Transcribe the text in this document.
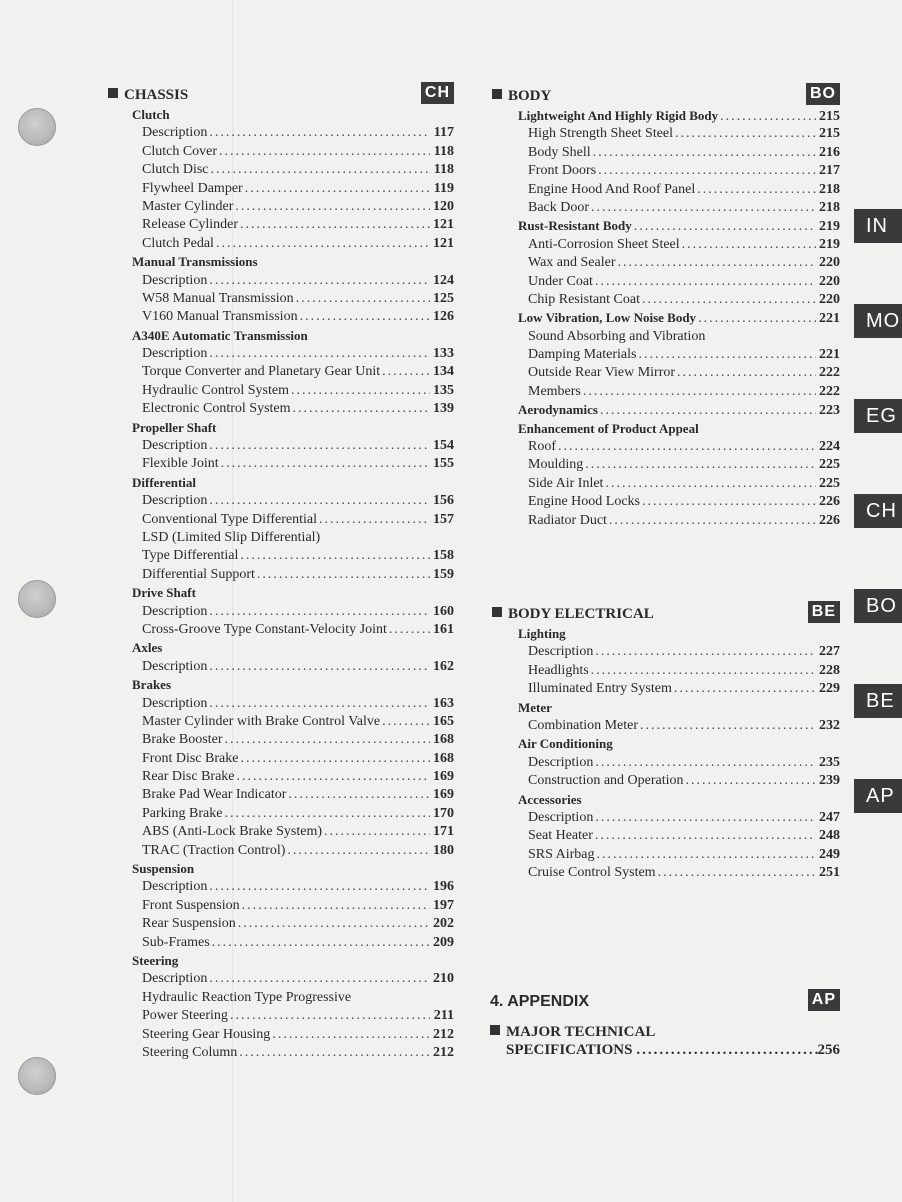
CHASSIS	CH
Clutch
Description .....	117
Clutch Cover .....	118
Clutch Disc .....	118
Flywheel Damper .....	119
Master Cylinder .....	120
Release Cylinder .....	121
Clutch Pedal .....	121
Manual Transmissions
Description .....	124
W58 Manual Transmission .....	125
V160 Manual Transmission .....	126
A340E Automatic Transmission
Description .....	133
Torque Converter and Planetary Gear Unit .....	134
Hydraulic Control System .....	135
Electronic Control System .....	139
Propeller Shaft
Description .....	154
Flexible Joint .....	155
Differential
Description .....	156
Conventional Type Differential .....	157
LSD (Limited Slip Differential)
Type Differential .....	158
Differential Support .....	159
Drive Shaft
Description .....	160
Cross-Groove Type Constant-Velocity Joint .....	161
Axles
Description .....	162
Brakes
Description .....	163
Master Cylinder with Brake Control Valve .....	165
Brake Booster .....	168
Front Disc Brake .....	168
Rear Disc Brake .....	169
Brake Pad Wear Indicator .....	169
Parking Brake .....	170
ABS (Anti-Lock Brake System) .....	171
TRAC (Traction Control) .....	180
Suspension
Description .....	196
Front Suspension .....	197
Rear Suspension .....	202
Sub-Frames .....	209
Steering
Description .....	210
Hydraulic Reaction Type Progressive
Power Steering .....	211
Steering Gear Housing .....	212
Steering Column .....	212
BODY	BO
Lightweight And Highly Rigid Body .....	215
High Strength Sheet Steel .....	215
Body Shell .....	216
Front Doors .....	217
Engine Hood And Roof Panel .....	218
Back Door .....	218
Rust-Resistant Body .....	219
Anti-Corrosion Sheet Steel .....	219
Wax and Sealer .....	220
Under Coat .....	220
Chip Resistant Coat .....	220
Low Vibration, Low Noise Body .....	221
Sound Absorbing and Vibration
Damping Materials .....	221
Outside Rear View Mirror .....	222
Members .....	222
Aerodynamics .....	223
Enhancement of Product Appeal
Roof .....	224
Moulding .....	225
Side Air Inlet .....	225
Engine Hood Locks .....	226
Radiator Duct .....	226
BODY ELECTRICAL	BE
Lighting
Description .....	227
Headlights .....	228
Illuminated Entry System .....	229
Meter
Combination Meter .....	232
Air Conditioning
Description .....	235
Construction and Operation .....	239
Accessories
Description .....	247
Seat Heater .....	248
SRS Airbag .....	249
Cruise Control System .....	251
4. APPENDIX	AP
MAJOR TECHNICAL
SPECIFICATIONS .....	256
IN
MO
EG
CH
BO
BE
AP
